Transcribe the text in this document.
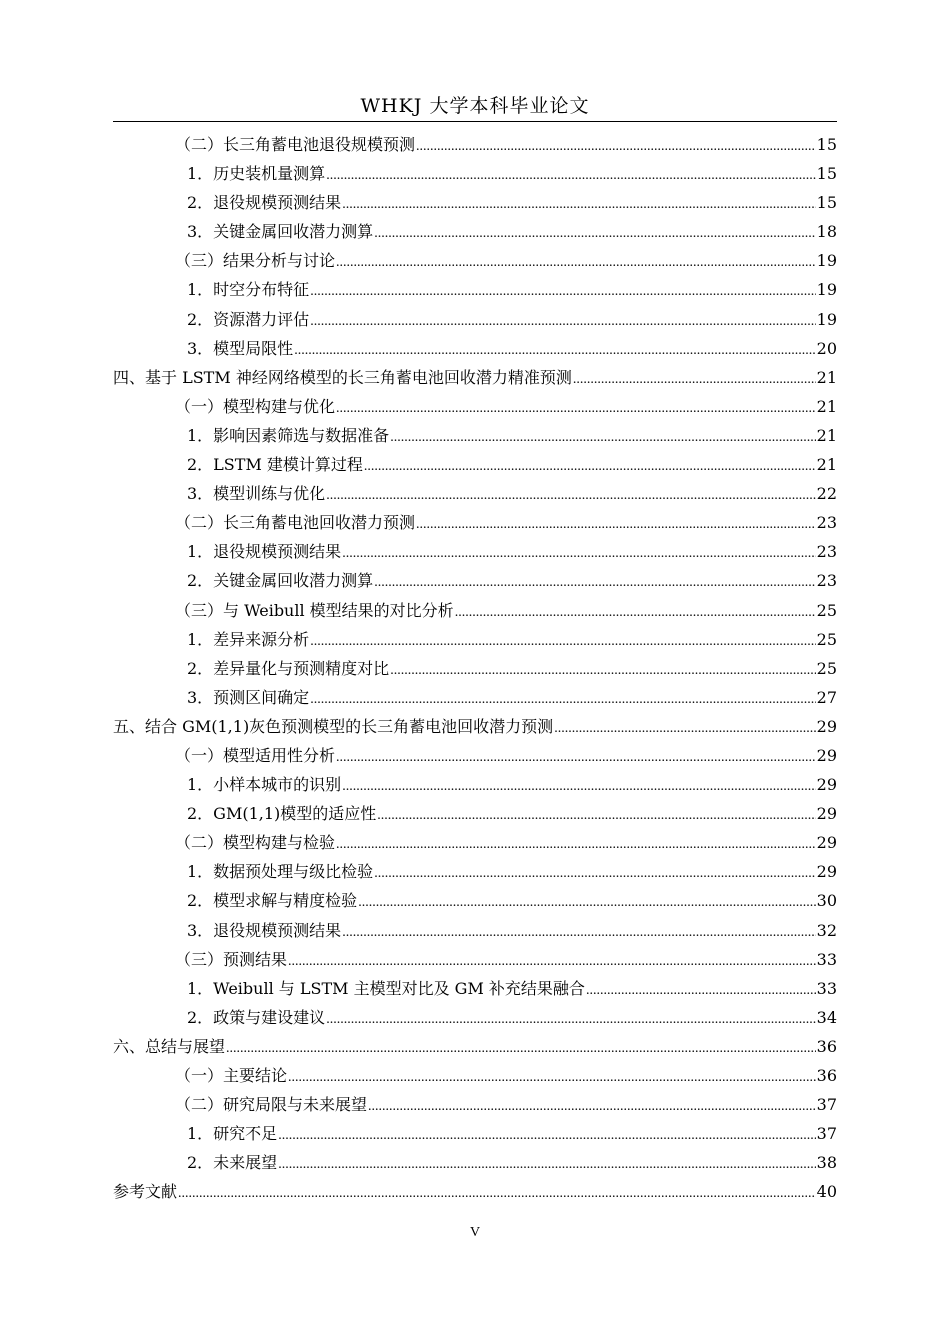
WHKJ 大学本科毕业论文
（二）长三角蓄电池退役规模预测 .....	15
1．历史装机量测算 .....	15
2．退役规模预测结果 .....	15
3．关键金属回收潜力测算 .....	18
（三）结果分析与讨论 .....	19
1．时空分布特征 .....	19
2．资源潜力评估 .....	19
3．模型局限性 .....	20
四、基于 LSTM 神经网络模型的长三角蓄电池回收潜力精准预测 .....	21
（一）模型构建与优化 .....	21
1．影响因素筛选与数据准备 .....	21
2．LSTM 建模计算过程 .....	21
3．模型训练与优化 .....	22
（二）长三角蓄电池回收潜力预测 .....	23
1．退役规模预测结果 .....	23
2．关键金属回收潜力测算 .....	23
（三）与 Weibull 模型结果的对比分析 .....	25
1．差异来源分析 .....	25
2．差异量化与预测精度对比 .....	25
3．预测区间确定 .....	27
五、结合 GM(1,1)灰色预测模型的长三角蓄电池回收潜力预测 .....	29
（一）模型适用性分析 .....	29
1．小样本城市的识别 .....	29
2．GM(1,1)模型的适应性 .....	29
（二）模型构建与检验 .....	29
1．数据预处理与级比检验 .....	29
2．模型求解与精度检验 .....	30
3．退役规模预测结果 .....	32
（三）预测结果 .....	33
1．Weibull 与 LSTM 主模型对比及 GM 补充结果融合 .....	33
2．政策与建设建议 .....	34
六、总结与展望 .....	36
（一）主要结论 .....	36
（二）研究局限与未来展望 .....	37
1．研究不足 .....	37
2．未来展望 .....	38
参考文献 .....	40
V
